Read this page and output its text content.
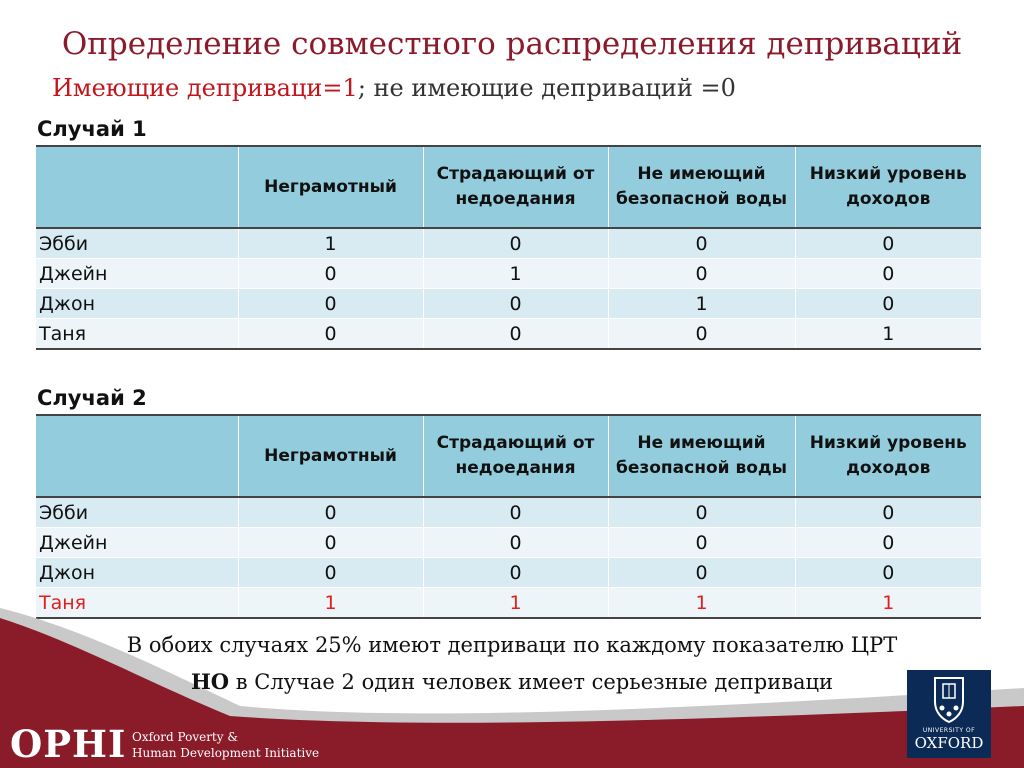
Определение совместного распределения деприваций
Имеющие деприваци=1; не имеющие деприваций =0
Случай 1
	Неграмотный	Страдающий от недоедания	Не имеющий безопасной воды	Низкий уровень доходов
Эбби	1	0	0	0
Джейн	0	1	0	0
Джон	0	0	1	0
Таня	0	0	0	1
Случай 2
	Неграмотный	Страдающий от недоедания	Не имеющий безопасной воды	Низкий уровень доходов
Эбби	0	0	0	0
Джейн	0	0	0	0
Джон	0	0	0	0
Таня	1	1	1	1
В обоих случаях 25% имеют деприваци по каждому показателю ЦРТ
НО в Случае 2 один человек имеет серьезные деприваци
OPHI Oxford Poverty &
Human Development Initiative
UNIVERSITY OF
OXFORD
